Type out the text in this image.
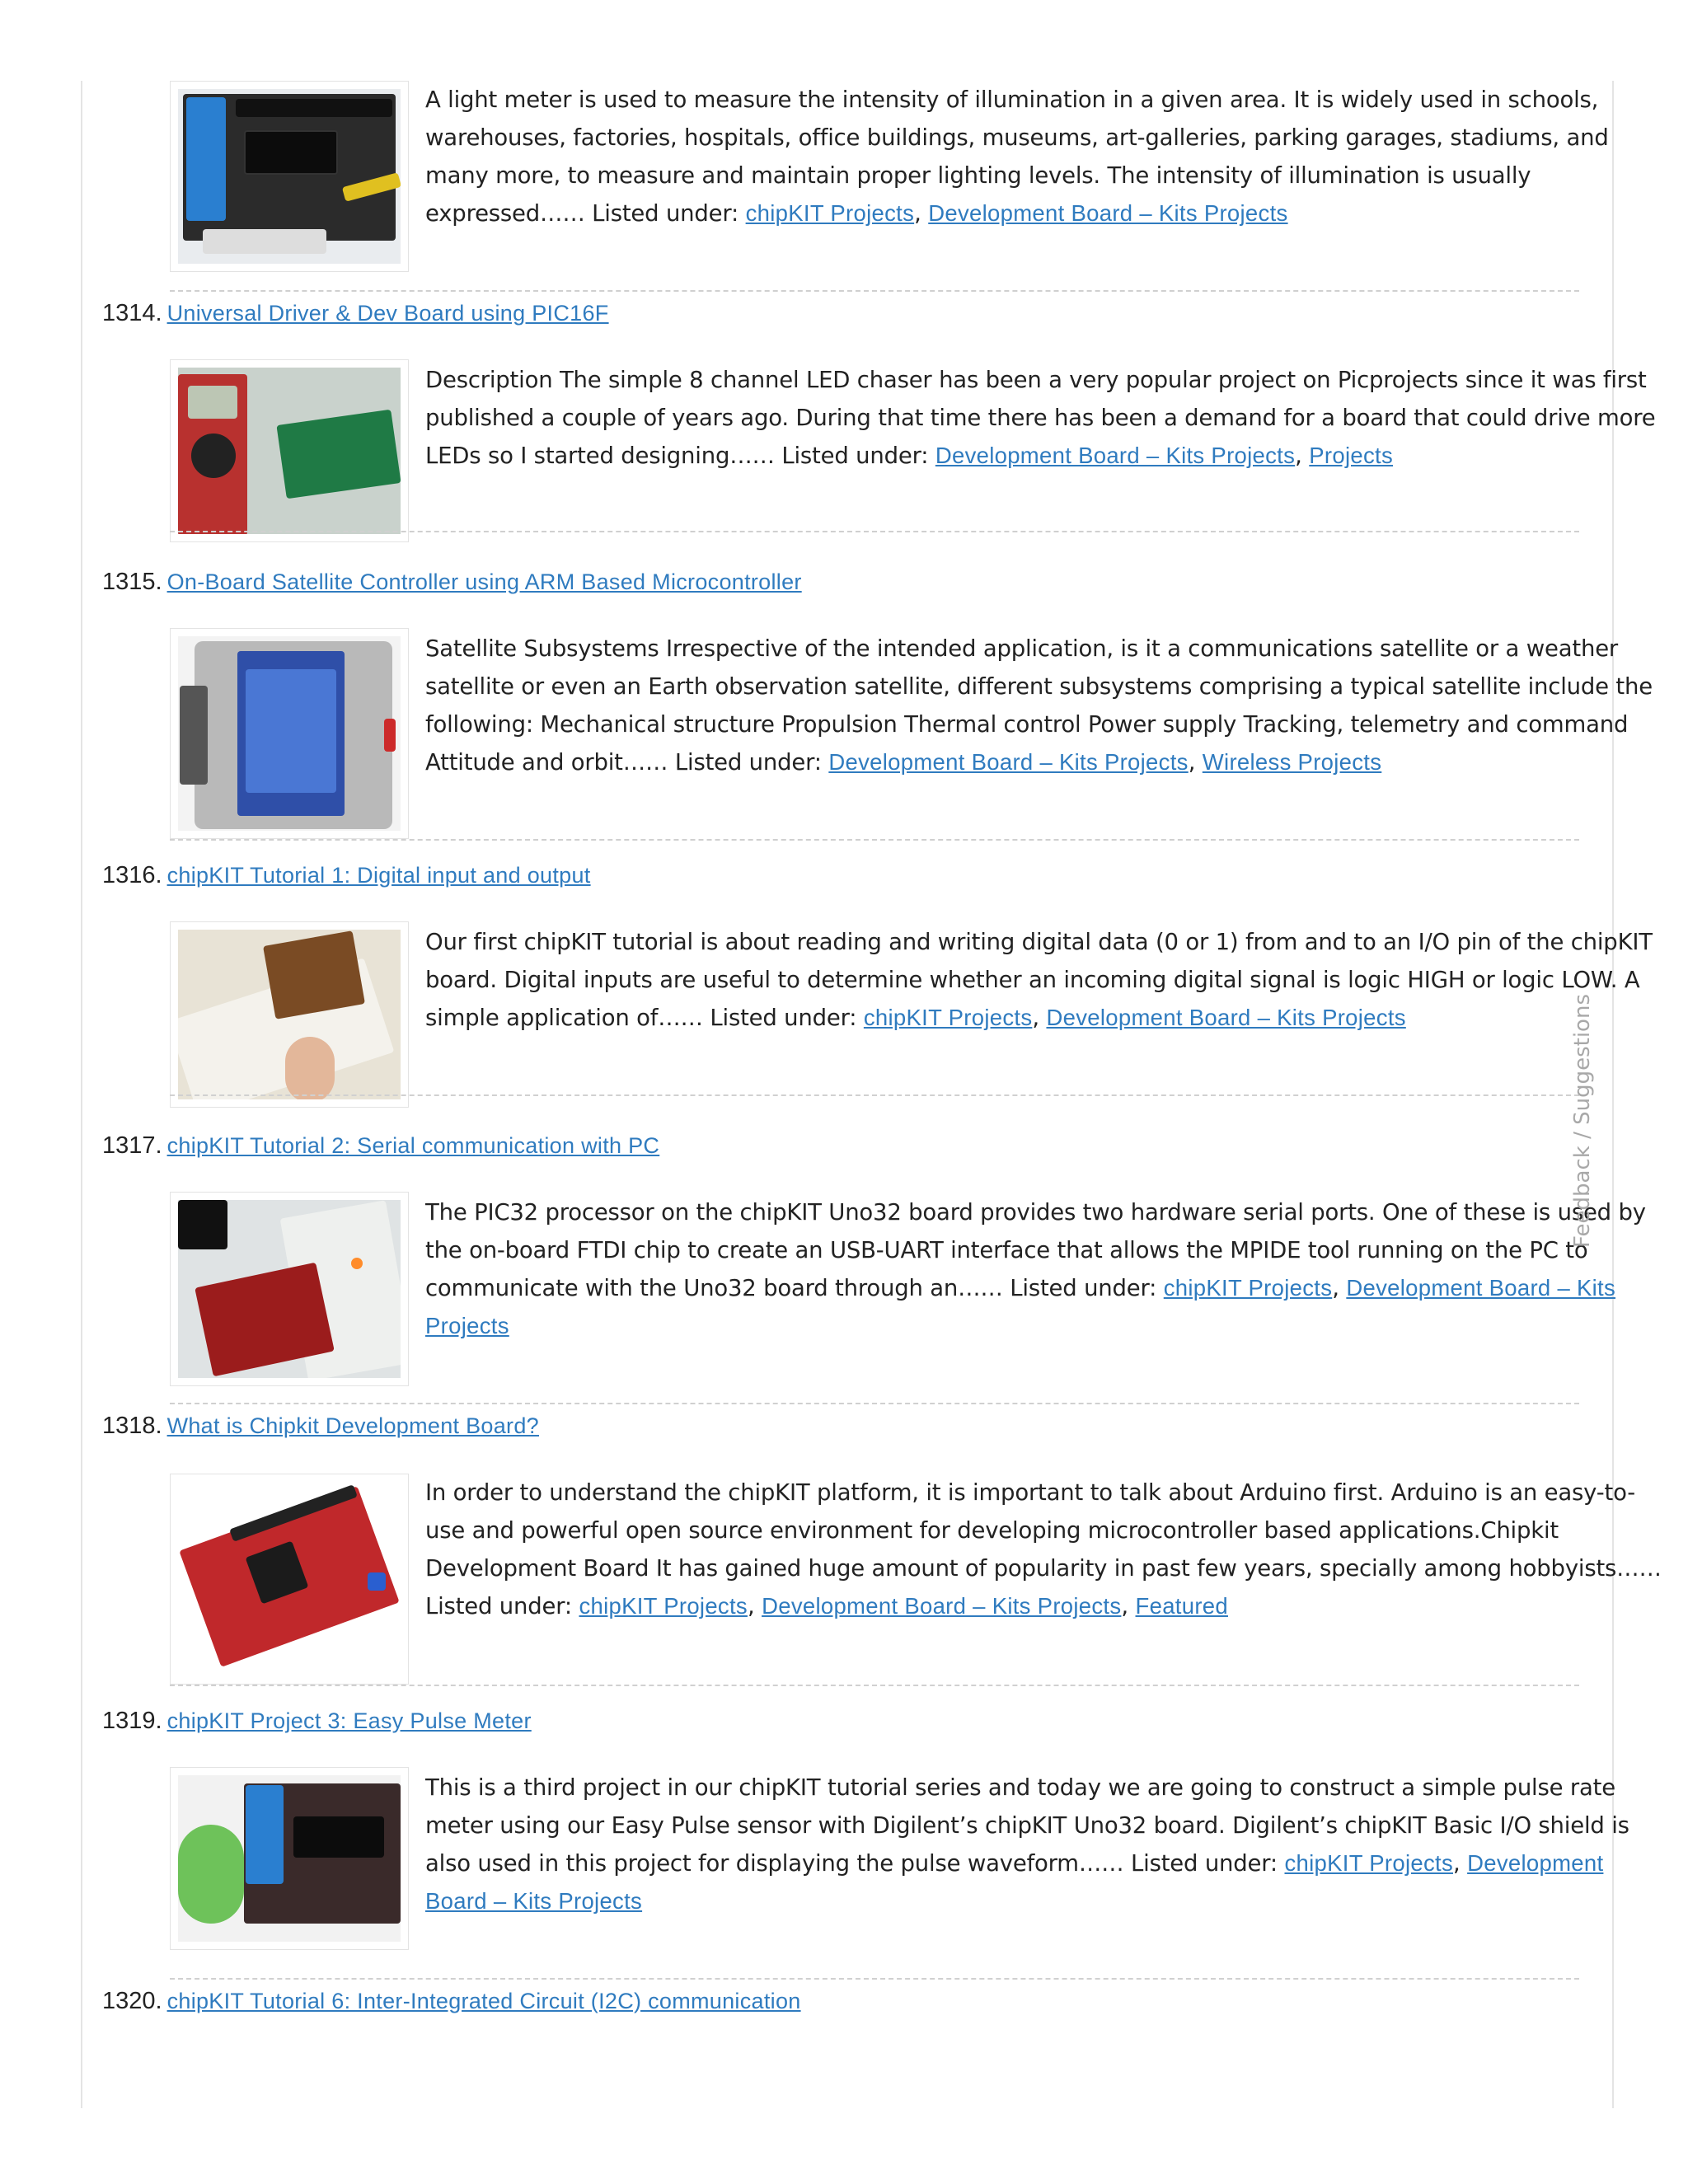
A light meter is used to measure the intensity of illumination in a given area. It is widely used in schools, warehouses, factories, hospitals, office buildings, museums, art-galleries, parking garages, stadiums, and many more, to measure and maintain proper lighting levels. The intensity of illumination is usually expressed…… Listed under: chipKIT Projects, Development Board – Kits Projects
1314. Universal Driver & Dev Board using PIC16F
Description The simple 8 channel LED chaser has been a very popular project on Picprojects since it was first published a couple of years ago. During that time there has been a demand for a board that could drive more LEDs so I started designing…… Listed under: Development Board – Kits Projects, Projects
1315. On-Board Satellite Controller using ARM Based Microcontroller
Satellite Subsystems Irrespective of the intended application, is it a communications satellite or a weather satellite or even an Earth observation satellite, different subsystems comprising a typical satellite include the following: Mechanical structure Propulsion Thermal control Power supply Tracking, telemetry and command Attitude and orbit…… Listed under: Development Board – Kits Projects, Wireless Projects
1316. chipKIT Tutorial 1: Digital input and output
Our first chipKIT tutorial is about reading and writing digital data (0 or 1) from and to an I/O pin of the chipKIT board. Digital inputs are useful to determine whether an incoming digital signal is logic HIGH or logic LOW. A simple application of…… Listed under: chipKIT Projects, Development Board – Kits Projects
1317. chipKIT Tutorial 2: Serial communication with PC
The PIC32 processor on the chipKIT Uno32 board provides two hardware serial ports. One of these is used by the on-board FTDI chip to create an USB-UART interface that allows the MPIDE tool running on the PC to communicate with the Uno32 board through an…… Listed under: chipKIT Projects, Development Board – Kits Projects
1318. What is Chipkit Development Board?
In order to understand the chipKIT platform, it is important to talk about Arduino first. Arduino is an easy-to-use and powerful open source environment for developing microcontroller based applications.Chipkit Development Board It has gained huge amount of popularity in past few years, specially among hobbyists…… Listed under: chipKIT Projects, Development Board – Kits Projects, Featured
1319. chipKIT Project 3: Easy Pulse Meter
This is a third project in our chipKIT tutorial series and today we are going to construct a simple pulse rate meter using our Easy Pulse sensor with Digilent’s chipKIT Uno32 board. Digilent’s chipKIT Basic I/O shield is also used in this project for displaying the pulse waveform…… Listed under: chipKIT Projects, Development Board – Kits Projects
1320. chipKIT Tutorial 6: Inter-Integrated Circuit (I2C) communication
Feedback / Suggestions
